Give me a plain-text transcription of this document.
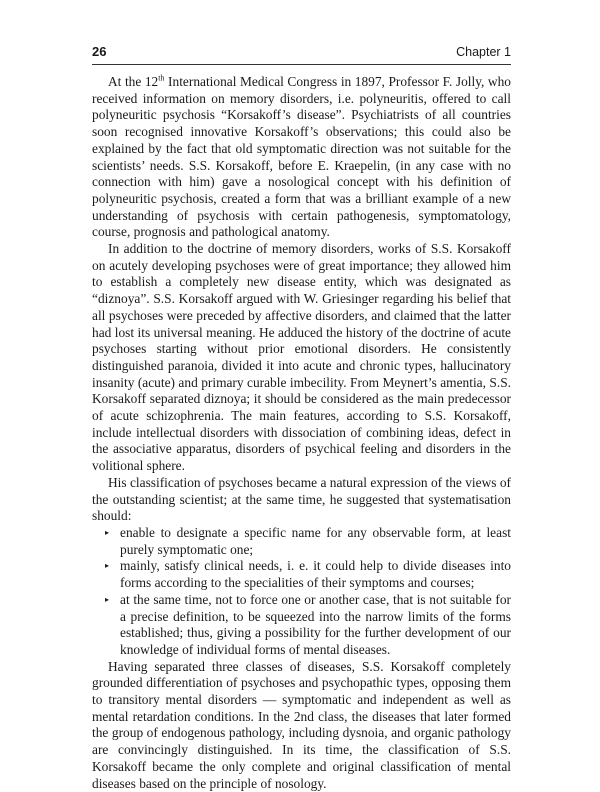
26	Chapter 1

At the 12th International Medical Congress in 1897, Professor F. Jolly, who received information on memory disorders, i.e. polyneuritis, offered to call polyneuritic psychosis “Korsakoff’s disease”. Psychiatrists of all countries soon recognised innovative Korsakoff’s observations; this could also be explained by the fact that old symptomatic direction was not suitable for the scientists’ needs. S.S. Korsakoff, before E. Kraepelin, (in any case with no connection with him) gave a nosological concept with his definition of polyneuritic psychosis, created a form that was a brilliant example of a new understanding of psychosis with certain pathogenesis, symptomatology, course, prognosis and pathological anatomy.

In addition to the doctrine of memory disorders, works of S.S. Korsakoff on acutely developing psychoses were of great importance; they allowed him to establish a completely new disease entity, which was designated as “diznoya”. S.S. Korsakoff argued with W. Griesinger regarding his belief that all psychoses were preceded by affective disorders, and claimed that the latter had lost its universal meaning. He adduced the history of the doctrine of acute psychoses starting without prior emotional disorders. He consistently distinguished paranoia, divided it into acute and chronic types, hallucinatory insanity (acute) and primary curable imbecility. From Meynert’s amentia, S.S. Korsakoff separated diznoya; it should be considered as the main predecessor of acute schizophrenia. The main features, according to S.S. Korsakoff, include intellectual disorders with dissociation of combining ideas, defect in the associative apparatus, disorders of psychical feeling and disorders in the volitional sphere.

His classification of psychoses became a natural expression of the views of the outstanding scientist; at the same time, he suggested that systematisation should:

▸ enable to designate a specific name for any observable form, at least purely symptomatic one;
▸ mainly, satisfy clinical needs, i. e. it could help to divide diseases into forms according to the specialities of their symptoms and courses;
▸ at the same time, not to force one or another case, that is not suitable for a precise definition, to be squeezed into the narrow limits of the forms established; thus, giving a possibility for the further development of our knowledge of individual forms of mental diseases.

Having separated three classes of diseases, S.S. Korsakoff completely grounded differentiation of psychoses and psychopathic types, opposing them to transitory mental disorders — symptomatic and independent as well as mental retardation conditions. In the 2nd class, the diseases that later formed the group of endogenous pathology, including dysnoia, and organic pathology are convincingly distinguished. In its time, the classification of S.S. Korsakoff became the only complete and original classification of mental diseases based on the principle of nosology.
